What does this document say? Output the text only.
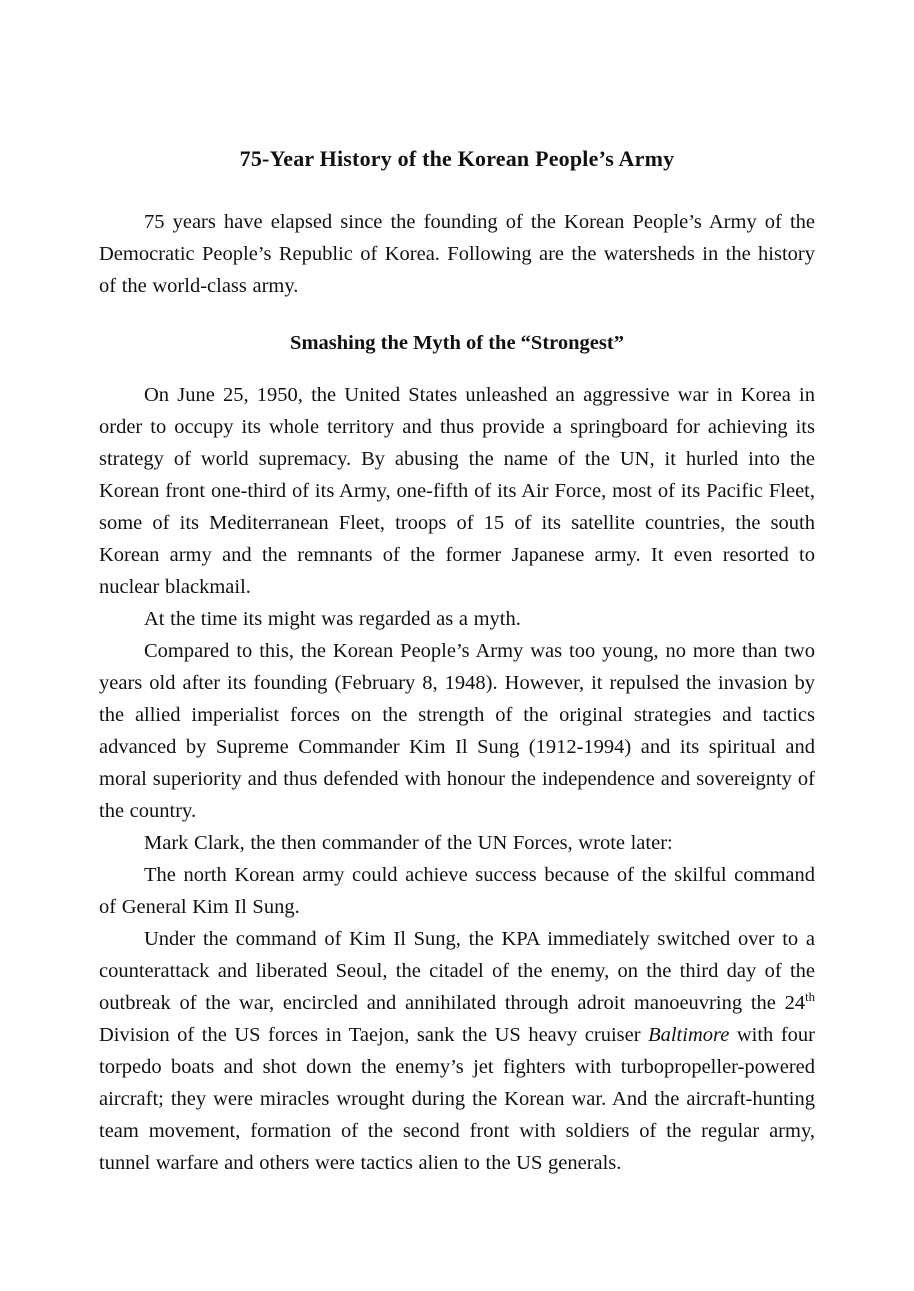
75-Year History of the Korean People’s Army

75 years have elapsed since the founding of the Korean People’s Army of the Democratic People’s Republic of Korea. Following are the watersheds in the history of the world-class army.

Smashing the Myth of the “Strongest”

On June 25, 1950, the United States unleashed an aggressive war in Korea in order to occupy its whole territory and thus provide a springboard for achieving its strategy of world supremacy. By abusing the name of the UN, it hurled into the Korean front one-third of its Army, one-fifth of its Air Force, most of its Pacific Fleet, some of its Mediterranean Fleet, troops of 15 of its satellite countries, the south Korean army and the remnants of the former Japanese army. It even resorted to nuclear blackmail.

At the time its might was regarded as a myth.

Compared to this, the Korean People’s Army was too young, no more than two years old after its founding (February 8, 1948). However, it repulsed the invasion by the allied imperialist forces on the strength of the original strategies and tactics advanced by Supreme Commander Kim Il Sung (1912-1994) and its spiritual and moral superiority and thus defended with honour the independence and sovereignty of the country.

Mark Clark, the then commander of the UN Forces, wrote later:

The north Korean army could achieve success because of the skilful command of General Kim Il Sung.

Under the command of Kim Il Sung, the KPA immediately switched over to a counterattack and liberated Seoul, the citadel of the enemy, on the third day of the outbreak of the war, encircled and annihilated through adroit manoeuvring the 24th Division of the US forces in Taejon, sank the US heavy cruiser Baltimore with four torpedo boats and shot down the enemy’s jet fighters with turbopropeller-powered aircraft; they were miracles wrought during the Korean war. And the aircraft-hunting team movement, formation of the second front with soldiers of the regular army, tunnel warfare and others were tactics alien to the US generals.
